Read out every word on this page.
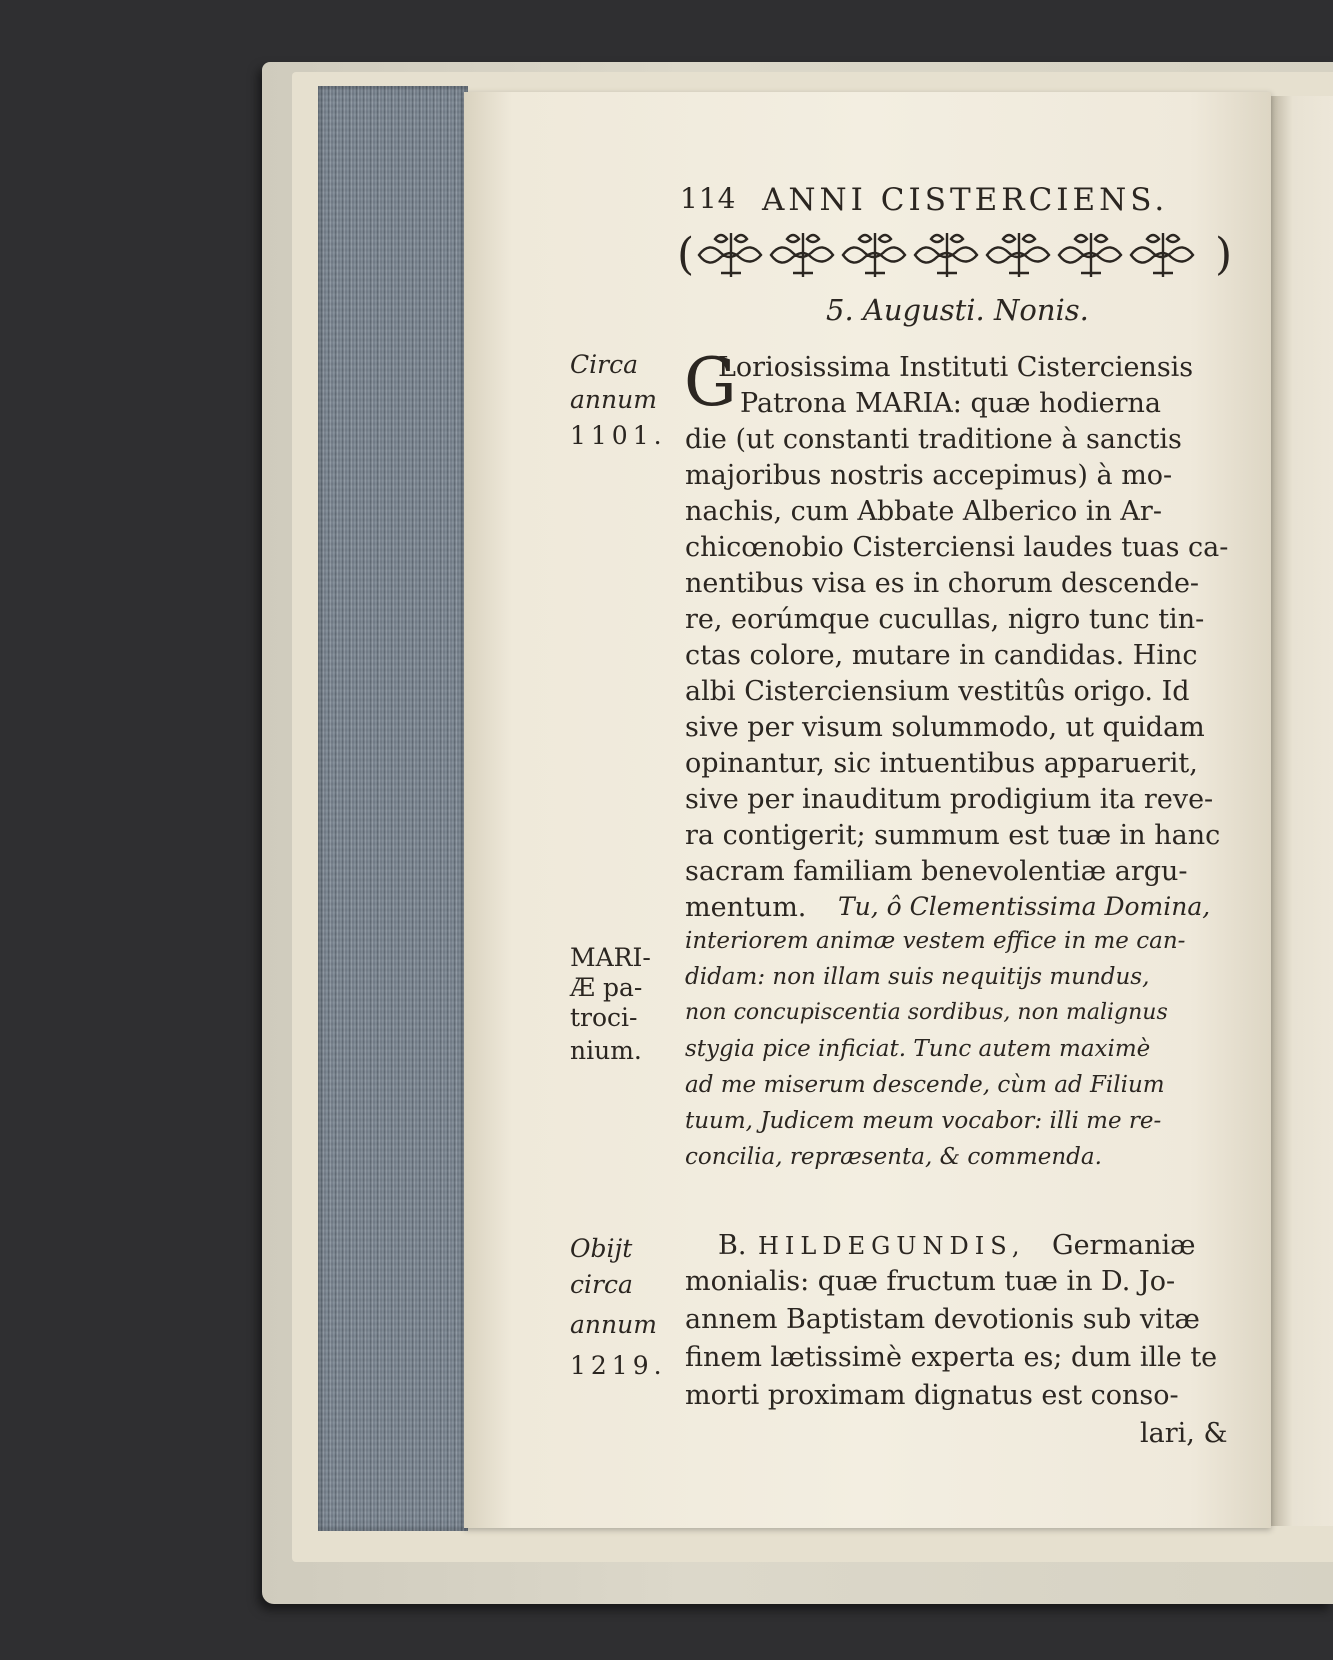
114 ANNI CISTERCIENS.
(	)
5. Augusti. Nonis.
Circa
annum
1101.
MARI-
Æ pa-
troci-
nium.
Obijt
circa
annum
1219.
G
Loriosissima Instituti Cisterciensis
Patrona MARIA: quæ hodierna
die (ut constanti traditione à sanctis
majoribus nostris accepimus) à mo-
nachis, cum Abbate Alberico in Ar-
chicœnobio Cisterciensi laudes tuas ca-
nentibus visa es in chorum descende-
re, eorúmque cucullas, nigro tunc tin-
ctas colore, mutare in candidas. Hinc
albi Cisterciensium vestitûs origo. Id
sive per visum solummodo, ut quidam
opinantur, sic intuentibus apparuerit,
sive per inauditum prodigium ita reve-
ra contigerit; summum est tuæ in hanc
sacram familiam benevolentiæ argu-
mentum. Tu, ô Clementissima Domina,
interiorem animæ vestem effice in me can-
didam: non illam suis nequitijs mundus,
non concupiscentia sordibus, non malignus
stygia pice inficiat. Tunc autem maximè
ad me miserum descende, cùm ad Filium
tuum, Judicem meum vocabor: illi me re-
concilia, repræsenta, & commenda.
B. HILDEGUNDIS, Germaniæ
monialis: quæ fructum tuæ in D. Jo-
annem Baptistam devotionis sub vitæ
finem lætissimè experta es; dum ille te
morti proximam dignatus est conso-
lari, &
